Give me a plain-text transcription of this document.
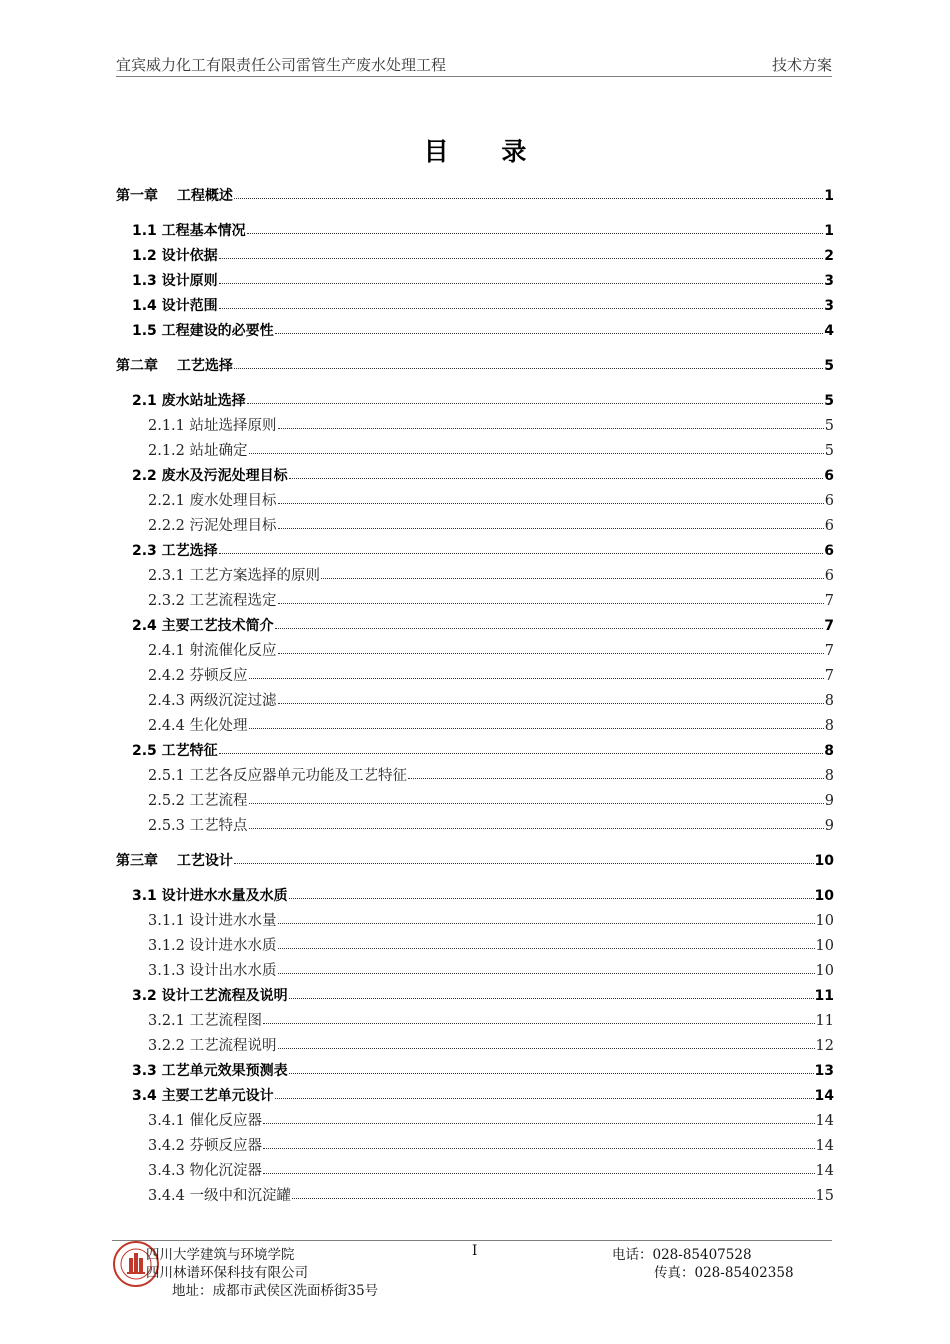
宜宾威力化工有限责任公司雷管生产废水处理工程	技术方案
目 录
第一章　 工程概述	1
1.1 工程基本情况	1
1.2 设计依据	2
1.3 设计原则	3
1.4 设计范围	3
1.5 工程建设的必要性	4
第二章　 工艺选择	5
2.1 废水站址选择	5
2.1.1 站址选择原则	5
2.1.2 站址确定	5
2.2 废水及污泥处理目标	6
2.2.1 废水处理目标	6
2.2.2 污泥处理目标	6
2.3 工艺选择	6
2.3.1 工艺方案选择的原则	6
2.3.2 工艺流程选定	7
2.4 主要工艺技术简介	7
2.4.1 射流催化反应	7
2.4.2 芬顿反应	7
2.4.3 两级沉淀过滤	8
2.4.4 生化处理	8
2.5 工艺特征	8
2.5.1 工艺各反应器单元功能及工艺特征	8
2.5.2 工艺流程	9
2.5.3 工艺特点	9
第三章　 工艺设计	10
3.1 设计进水水量及水质	10
3.1.1 设计进水水量	10
3.1.2 设计进水水质	10
3.1.3 设计出水水质	10
3.2 设计工艺流程及说明	11
3.2.1 工艺流程图	11
3.2.2 工艺流程说明	12
3.3 工艺单元效果预测表	13
3.4 主要工艺单元设计	14
3.4.1 催化反应器	14
3.4.2 芬顿反应器	14
3.4.3 物化沉淀器	14
3.4.4 一级中和沉淀罐	15
四川大学建筑与环境学院
四川林谱环保科技有限公司
地址：成都市武侯区洗面桥街35号
I	电话：028-85407528
传真：028-85402358
